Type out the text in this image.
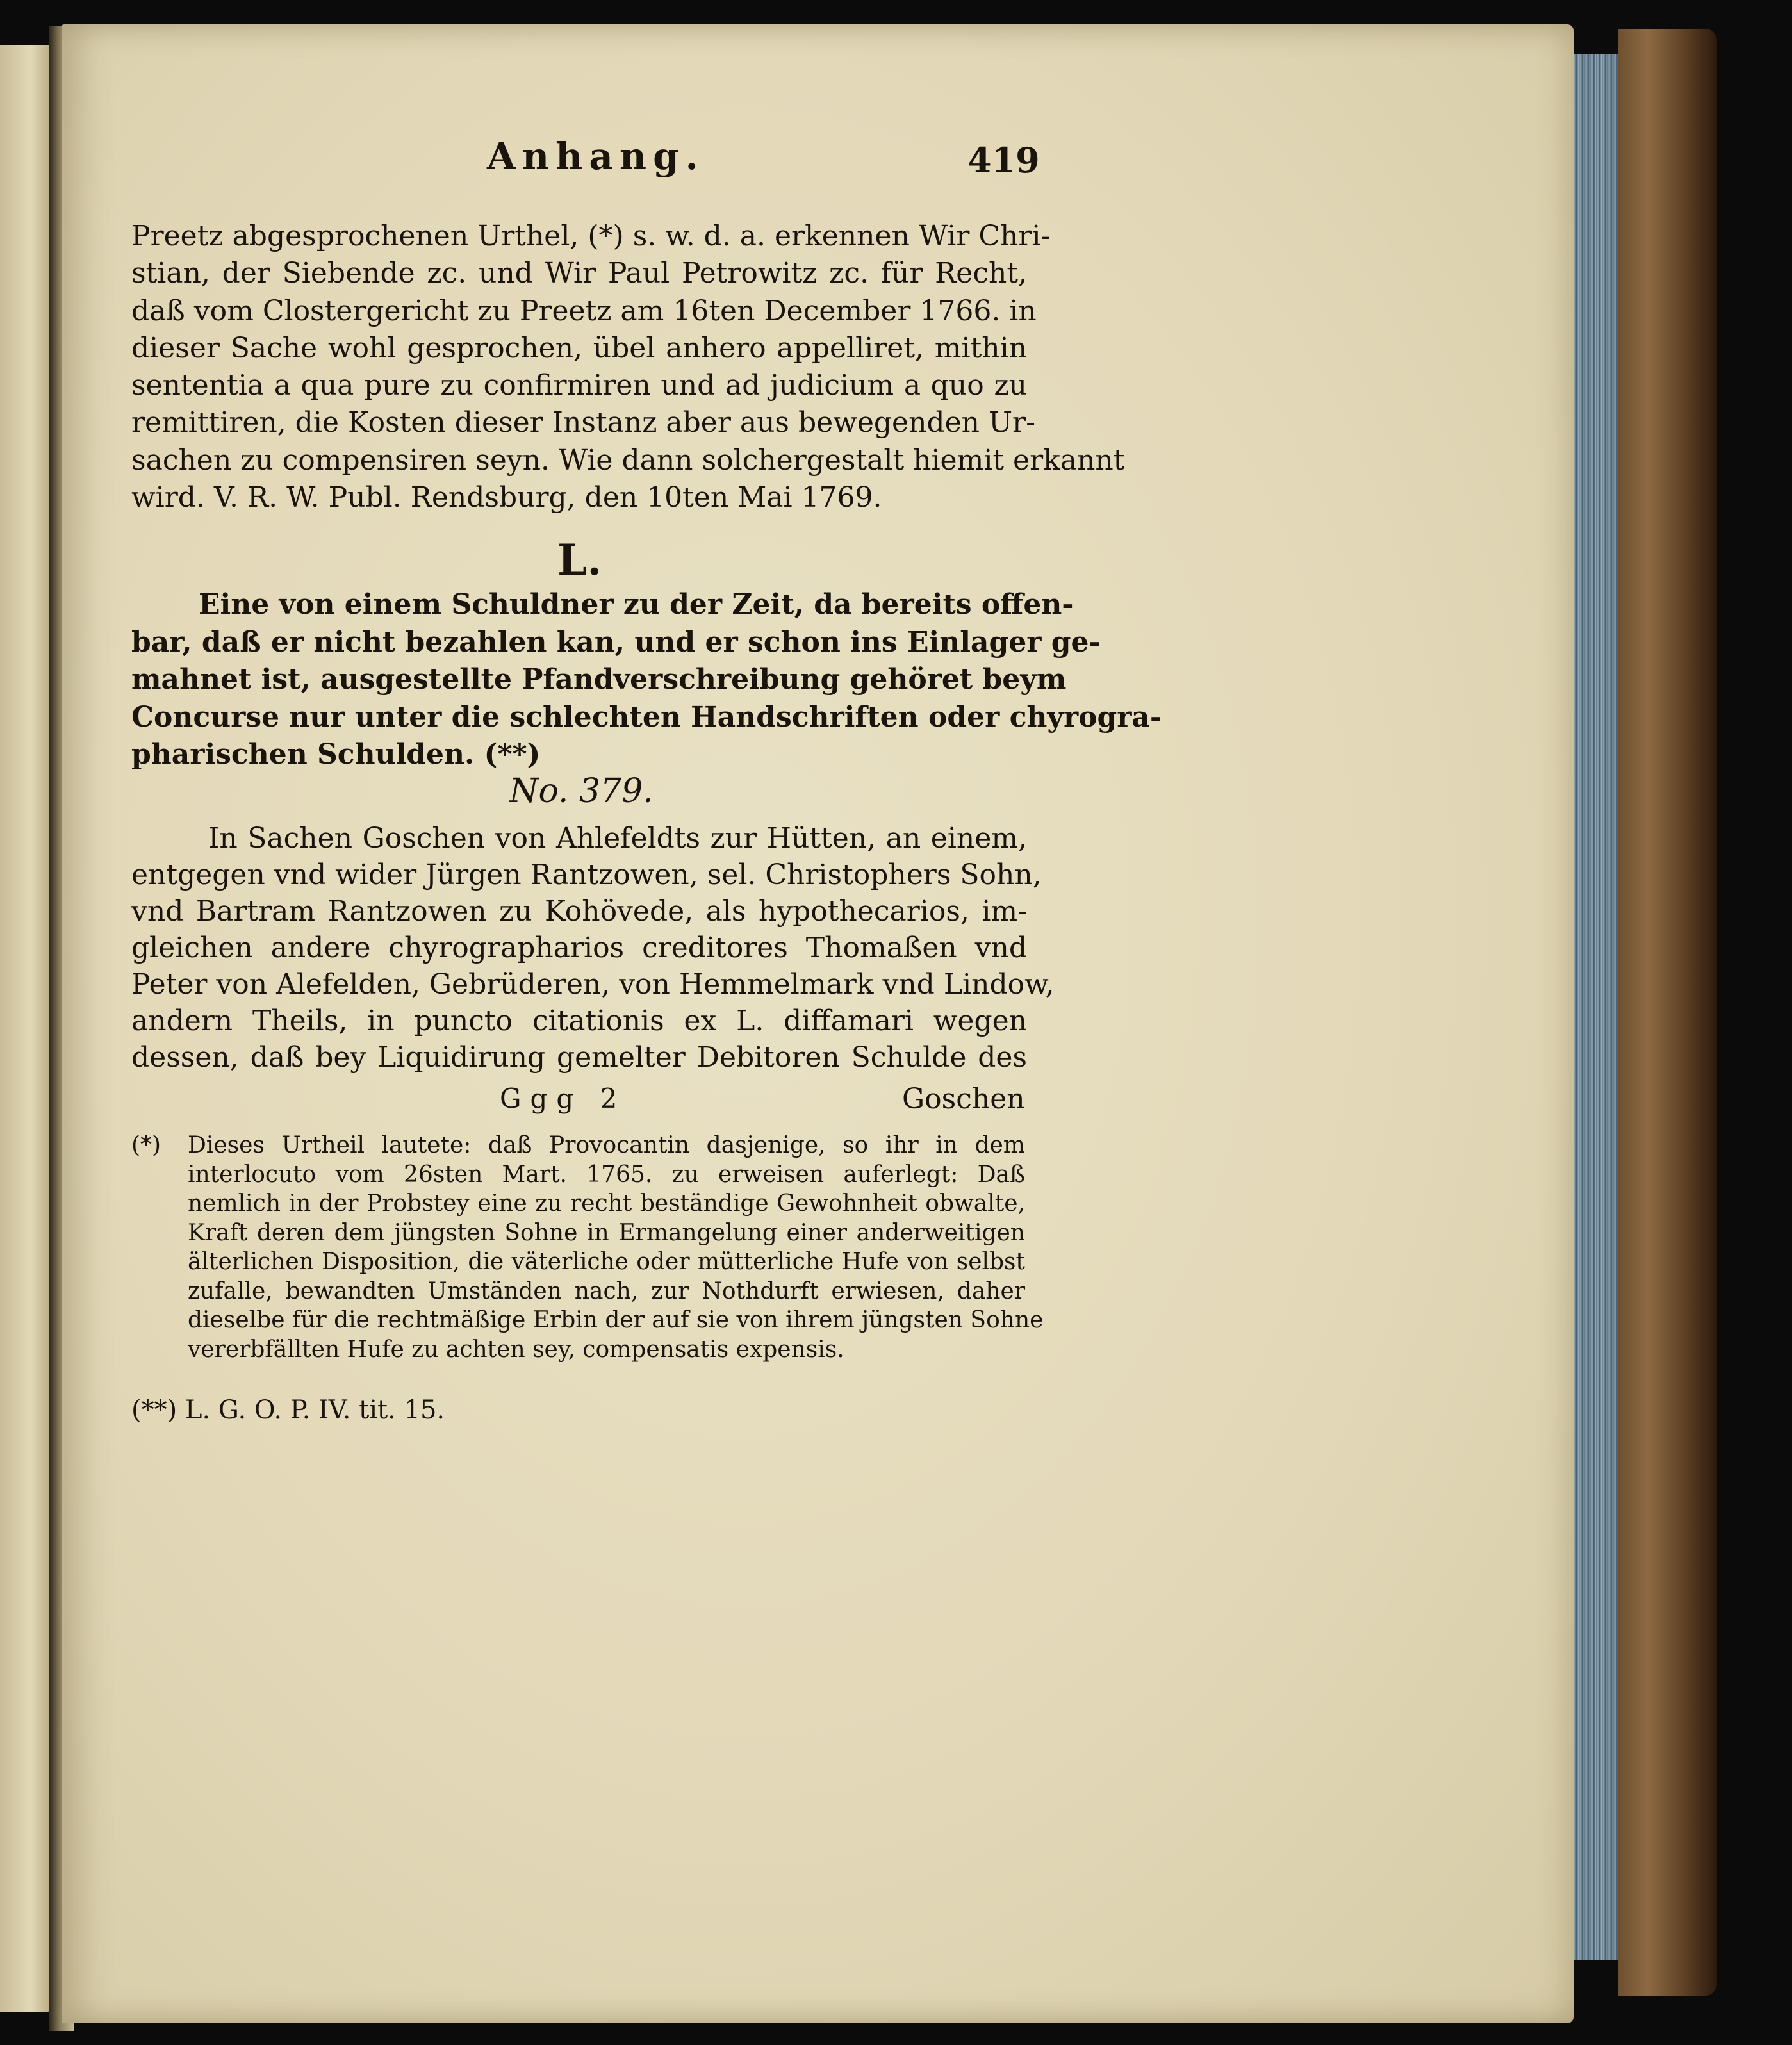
Anhang.	419
Preetz abgesprochenen Urthel, (*) s. w. d. a. erkennen Wir Chri-
stian, der Siebende zc. und Wir Paul Petrowitz zc. für Recht,
daß vom Clostergericht zu Preetz am 16ten December 1766. in
dieser Sache wohl gesprochen, übel anhero appelliret, mithin
sententia a qua pure zu confirmiren und ad judicium a quo zu
remittiren, die Kosten dieser Instanz aber aus bewegenden Ur-
sachen zu compensiren seyn. Wie dann solchergestalt hiemit erkannt
wird. V. R. W. Publ. Rendsburg, den 10ten Mai 1769.
L.
Eine von einem Schuldner zu der Zeit, da bereits offen-
bar, daß er nicht bezahlen kan, und er schon ins Einlager ge-
mahnet ist, ausgestellte Pfandverschreibung gehöret beym
Concurse nur unter die schlechten Handschriften oder chyrogra-
pharischen Schulden. (**)
No. 379.
In Sachen Goschen von Ahlefeldts zur Hütten, an einem,
entgegen vnd wider Jürgen Rantzowen, sel. Christophers Sohn,
vnd Bartram Rantzowen zu Kohövede, als hypothecarios, im-
gleichen andere chyrographarios creditores Thomaßen vnd
Peter von Alefelden, Gebrüderen, von Hemmelmark vnd Lindow,
andern Theils, in puncto citationis ex L. diffamari wegen
dessen, daß bey Liquidirung gemelter Debitoren Schulde des
Ggg 2	Goschen
(*) Dieses Urtheil lautete: daß Provocantin dasjenige, so ihr in dem
interlocuto vom 26sten Mart. 1765. zu erweisen auferlegt: Daß
nemlich in der Probstey eine zu recht beständige Gewohnheit obwalte,
Kraft deren dem jüngsten Sohne in Ermangelung einer anderweitigen
älterlichen Disposition, die väterliche oder mütterliche Hufe von selbst
zufalle, bewandten Umständen nach, zur Nothdurft erwiesen, daher
dieselbe für die rechtmäßige Erbin der auf sie von ihrem jüngsten Sohne
vererbfällten Hufe zu achten sey, compensatis expensis.
(**) L. G. O. P. IV. tit. 15.
